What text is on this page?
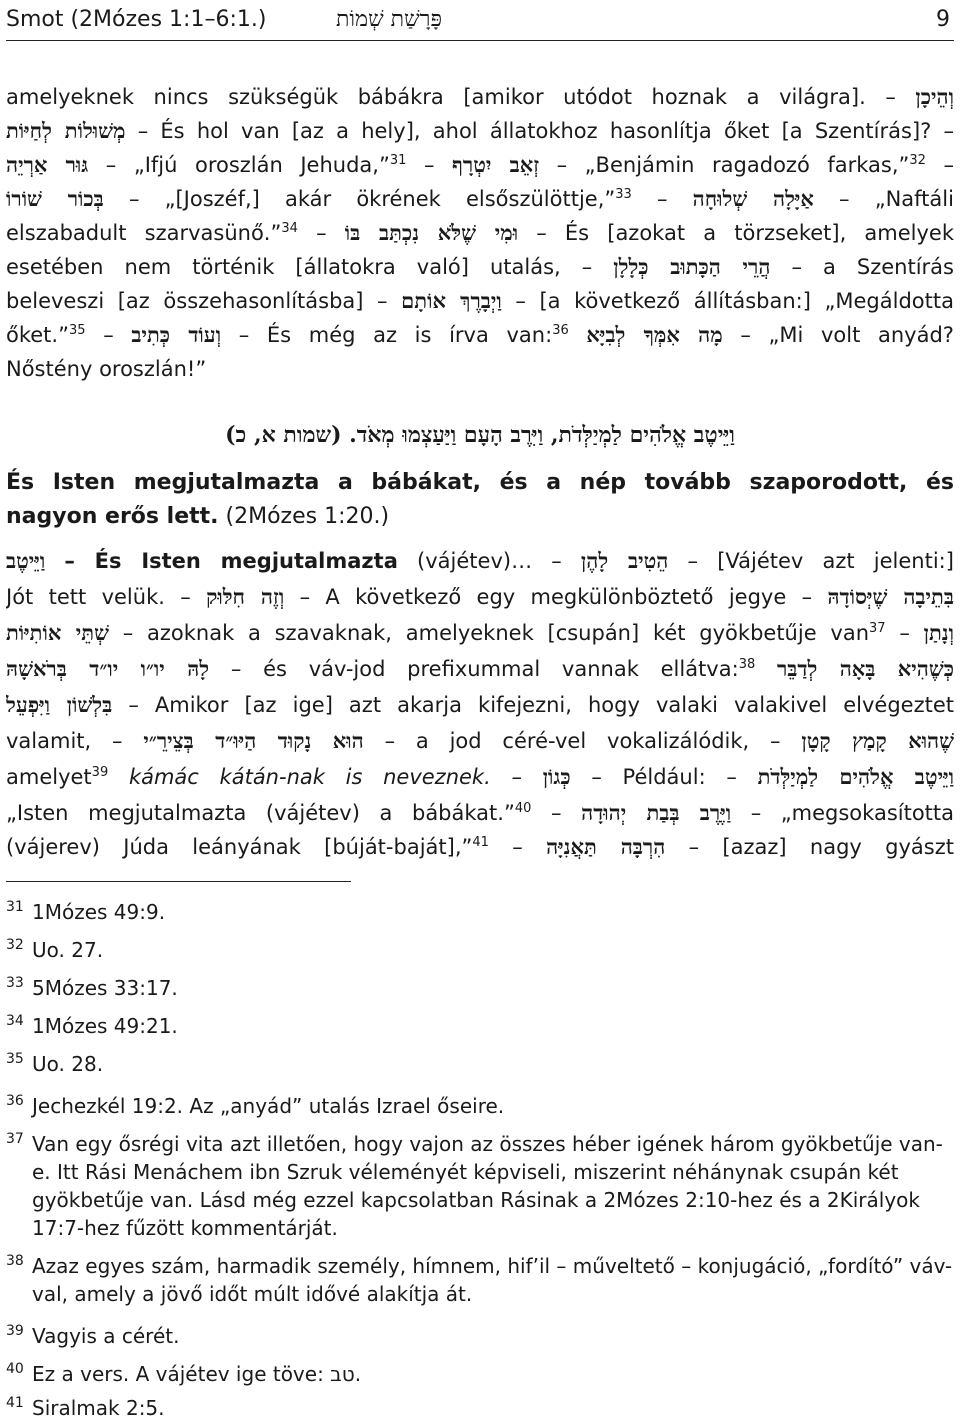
Smot (2Mózes 1:1–6:1.)	פָּרָשַׁת שְׁמוֹת	9
amelyeknek nincs szükségük bábákra [amikor utódot hoznak a világra]. – וְהֵיכָן
מְשׁוּלוֹת לְחַיּוֹת – És hol van [az a hely], ahol állatokhoz hasonlítja őket [a Szentírás]? –
גּוּר אַרְיֵה – „Ifjú oroszlán Jehuda,”$^{31}$ – זְאֵב יִטְרָף – „Benjámin ragadozó farkas,”$^{32}$ –
בְּכוֹר שׁוֹרוֹ – „[Joszéf,] akár ökrének elsőszülöttje,”$^{33}$ – אַיָּלָה שְׁלוּחָה – „Naftáli
elszabadult szarvasünő.”$^{34}$ – וּמִי שֶׁלֹּא נִכְתַּב בּוֹ – És [azokat a törzseket], amelyek
esetében nem történik [állatokra való] utalás, – הֲרֵי הַכָּתוּב כְּלָלָן – a Szentírás
beleveszi [az összehasonlításba] – וַיְבָרֶךְ אוֹתָם – [a következő állításban:] „Megáldotta
őket.”$^{35}$ – וְעוֹד כְּתִיב – És még az is írva van:$^{36}$ מָה אִמְּךָ לְבִיָּא – „Mi volt anyád?
Nőstény oroszlán!”
וַיֵּיטֶב אֱלֹהִים לַמְיַלְּדֹת, וַיִּרֶב הָעָם וַיַּעַצְמוּ מְאֹד. (שמות א, כ)
És Isten megjutalmazta a bábákat, és a nép tovább szaporodott, és
nagyon erős lett. (2Mózes 1:20.)
וַיֵּיטֶב – És Isten megjutalmazta (vájétev)… – הֵטִיב לָהֶן – [Vájétev azt jelenti:]
Jót tett velük. – וְזֶה חִלּוּק – A következő egy megkülönböztető jegye – בִּתֵיבָה שֶׁיְּסוֹדָהּ
שְׁתֵּי אוֹתִיּוֹת – azoknak a szavaknak, amelyeknek [csupán] két gyökbetűje van$^{37}$ – וְנָתַן
לָהּ יו״ו יו״ד בְּרֹאשָׁהּ – és váv-jod prefixummal vannak ellátva:$^{38}$ כְּשֶׁהִיא בָּאָה לְדַבֵּר
בִּלְשׁוֹן וַיִּפְעֵל – Amikor [az ige] azt akarja kifejezni, hogy valaki valakivel elvégeztet
valamit, – הוּא נָקוּד הַיּוּ״ד בְּצֵירֵ״י – a jod céré-vel vokalizálódik, – שֶׁהוּא קָמַץ קָטָן
amelyet$^{39}$ kámác kátán-nak is neveznek. – כְּגוֹן – Például: – וַיֵּיטֶב אֱלֹהִים לַמְיַלְּדֹת
„Isten megjutalmazta (vájétev) a bábákat.”$^{40}$ – וַיֶּרֶב בְּבַת יְהוּדָה – „megsokasította
(vájerev) Júda leányának [búját-baját],”$^{41}$ – הִרְבָּה תַּאֲנִיָּה – [azaz] nagy gyászt
31 1Mózes 49:9.
32 Uo. 27.
33 5Mózes 33:17.
34 1Mózes 49:21.
35 Uo. 28.
36 Jechezkél 19:2. Az „anyád” utalás Izrael őseire.
37 Van egy ősrégi vita azt illetően, hogy vajon az összes héber igének három gyökbetűje van-e. Itt Rási Menáchem ibn Szruk véleményét képviseli, miszerint néhánynak csupán két gyökbetűje van. Lásd még ezzel kapcsolatban Rásinak a 2Mózes 2:10-hez és a 2Királyok 17:7-hez fűzött kommentárját.
38 Azaz egyes szám, harmadik személy, hímnem, hif’il – műveltető – konjugáció, „fordító” váv-val, amely a jövő időt múlt idővé alakítja át.
39 Vagyis a cérét.
40 Ez a vers. A vájétev ige töve: טב.
41 Siralmak 2:5.
